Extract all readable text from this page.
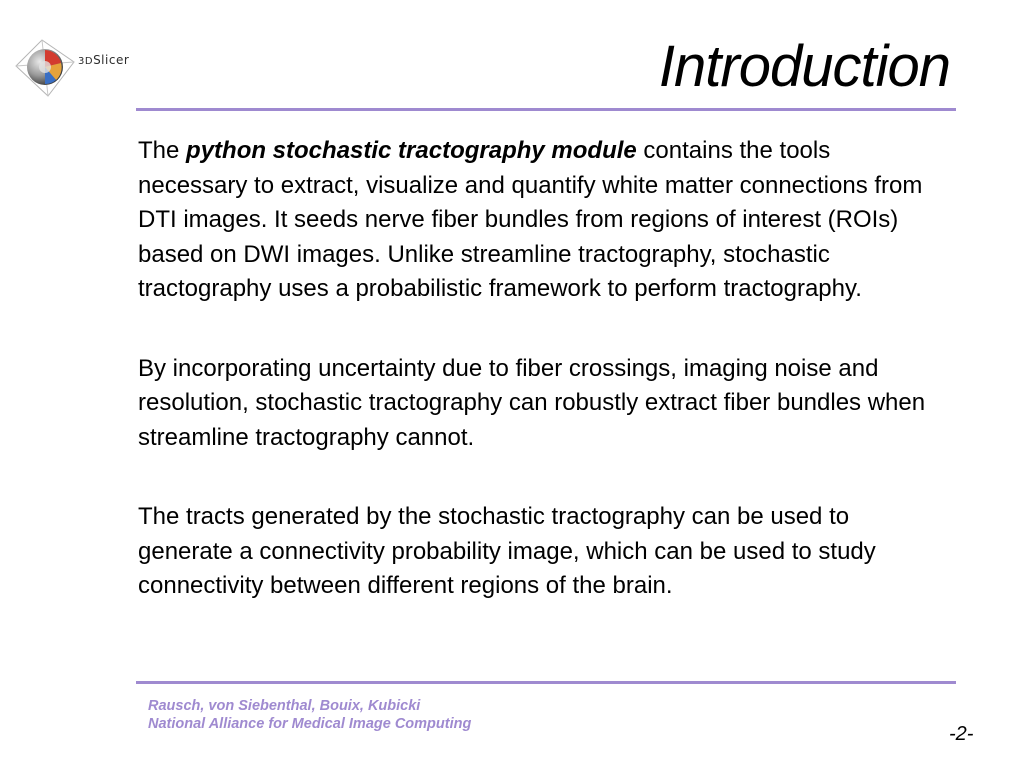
3DSlicer	Introduction

The python stochastic tractography module contains the tools necessary to extract, visualize and quantify white matter connections from DTI images. It seeds nerve fiber bundles from regions of interest (ROIs) based on DWI images. Unlike streamline tractography, stochastic tractography uses a probabilistic framework to perform tractography.

By incorporating uncertainty due to fiber crossings, imaging noise and resolution, stochastic tractography can robustly extract fiber bundles when streamline tractography cannot.

The tracts generated by the stochastic tractography can be used to generate a connectivity probability image, which can be used to study connectivity between different regions of the brain.

Rausch, von Siebenthal, Bouix, Kubicki
National Alliance for Medical Image Computing	-2-
